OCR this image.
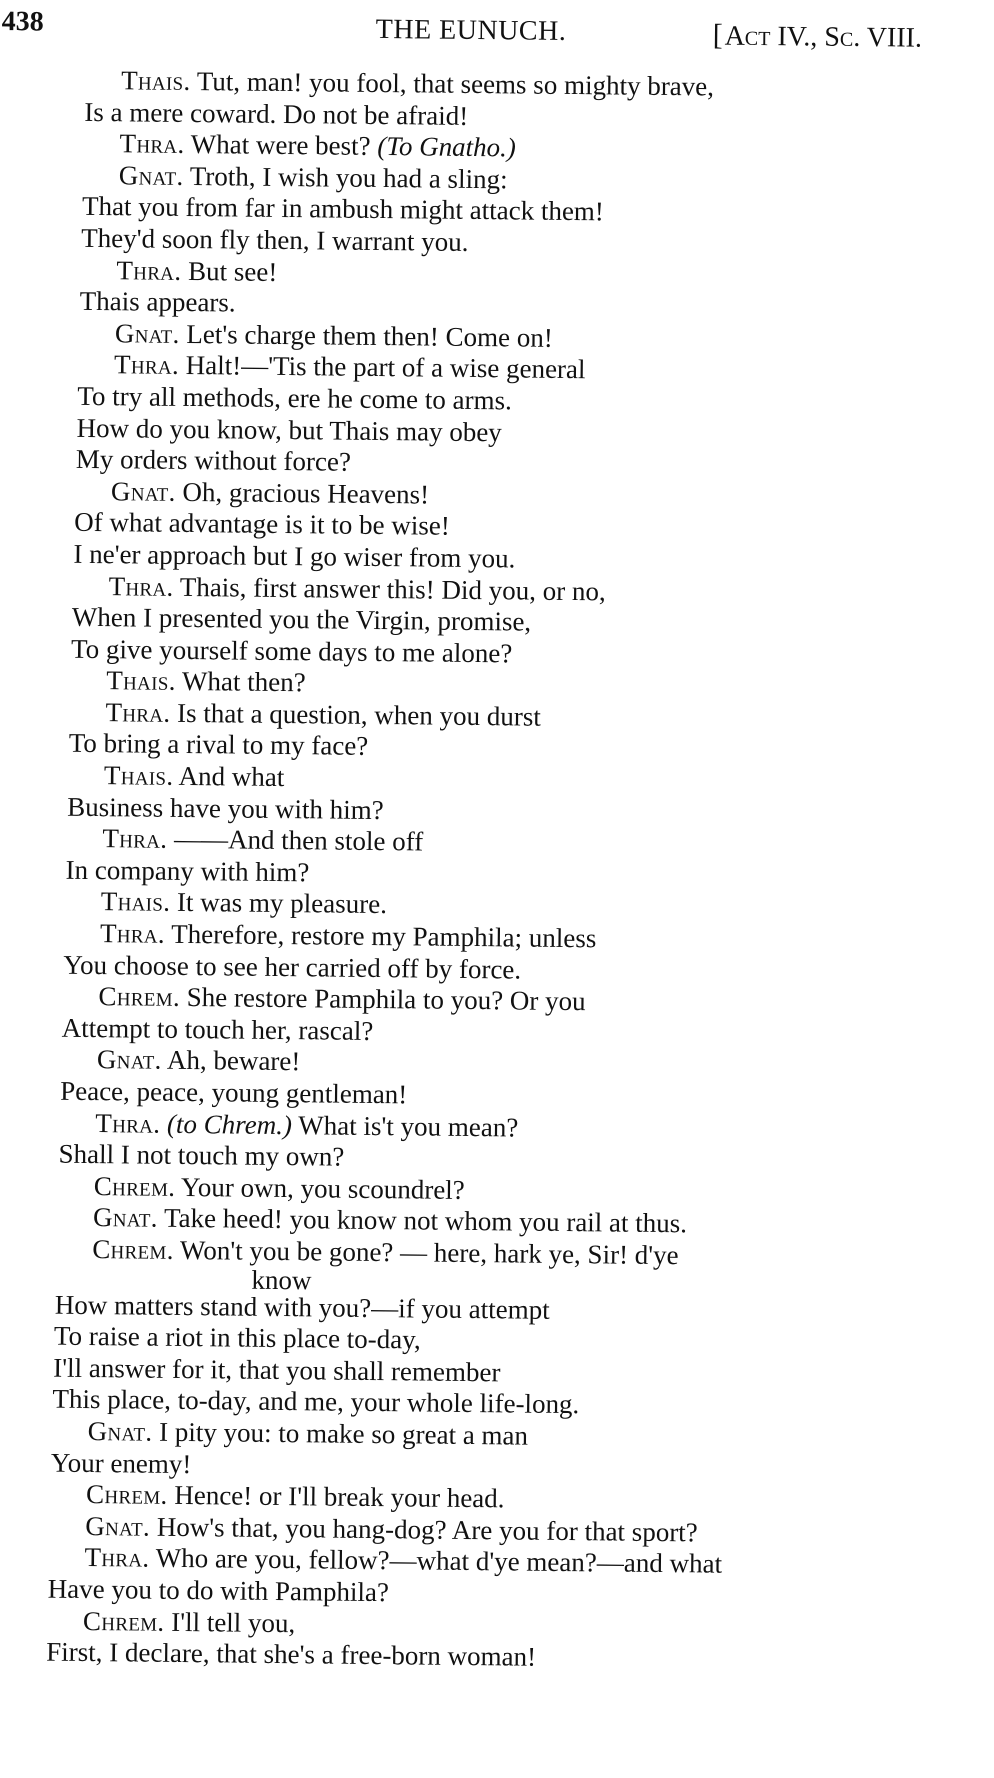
438	THE EUNUCH.	[Act IV., Sc. VIII.
Thais. Tut, man! you fool, that seems so mighty brave,
Is a mere coward. Do not be afraid!
Thra. What were best? (To Gnatho.)
Gnat. Troth, I wish you had a sling:
That you from far in ambush might attack them!
They'd soon fly then, I warrant you.
Thra. But see!
Thais appears.
Gnat. Let's charge them then! Come on!
Thra. Halt!—'Tis the part of a wise general
To try all methods, ere he come to arms.
How do you know, but Thais may obey
My orders without force?
Gnat. Oh, gracious Heavens!
Of what advantage is it to be wise!
I ne'er approach but I go wiser from you.
Thra. Thais, first answer this! Did you, or no,
When I presented you the Virgin, promise,
To give yourself some days to me alone?
Thais. What then?
Thra. Is that a question, when you durst
To bring a rival to my face?
Thais. And what
Business have you with him?
Thra. ——And then stole off
In company with him?
Thais. It was my pleasure.
Thra. Therefore, restore my Pamphila; unless
You choose to see her carried off by force.
Chrem. She restore Pamphila to you? Or you
Attempt to touch her, rascal?
Gnat. Ah, beware!
Peace, peace, young gentleman!
Thra. (to Chrem.) What is't you mean?
Shall I not touch my own?
Chrem. Your own, you scoundrel?
Gnat. Take heed! you know not whom you rail at thus.
Chrem. Won't you be gone? — here, hark ye, Sir! d'ye
know
How matters stand with you?—if you attempt
To raise a riot in this place to-day,
I'll answer for it, that you shall remember
This place, to-day, and me, your whole life-long.
Gnat. I pity you: to make so great a man
Your enemy!
Chrem. Hence! or I'll break your head.
Gnat. How's that, you hang-dog? Are you for that sport?
Thra. Who are you, fellow?—what d'ye mean?—and what
Have you to do with Pamphila?
Chrem. I'll tell you,
First, I declare, that she's a free-born woman!
